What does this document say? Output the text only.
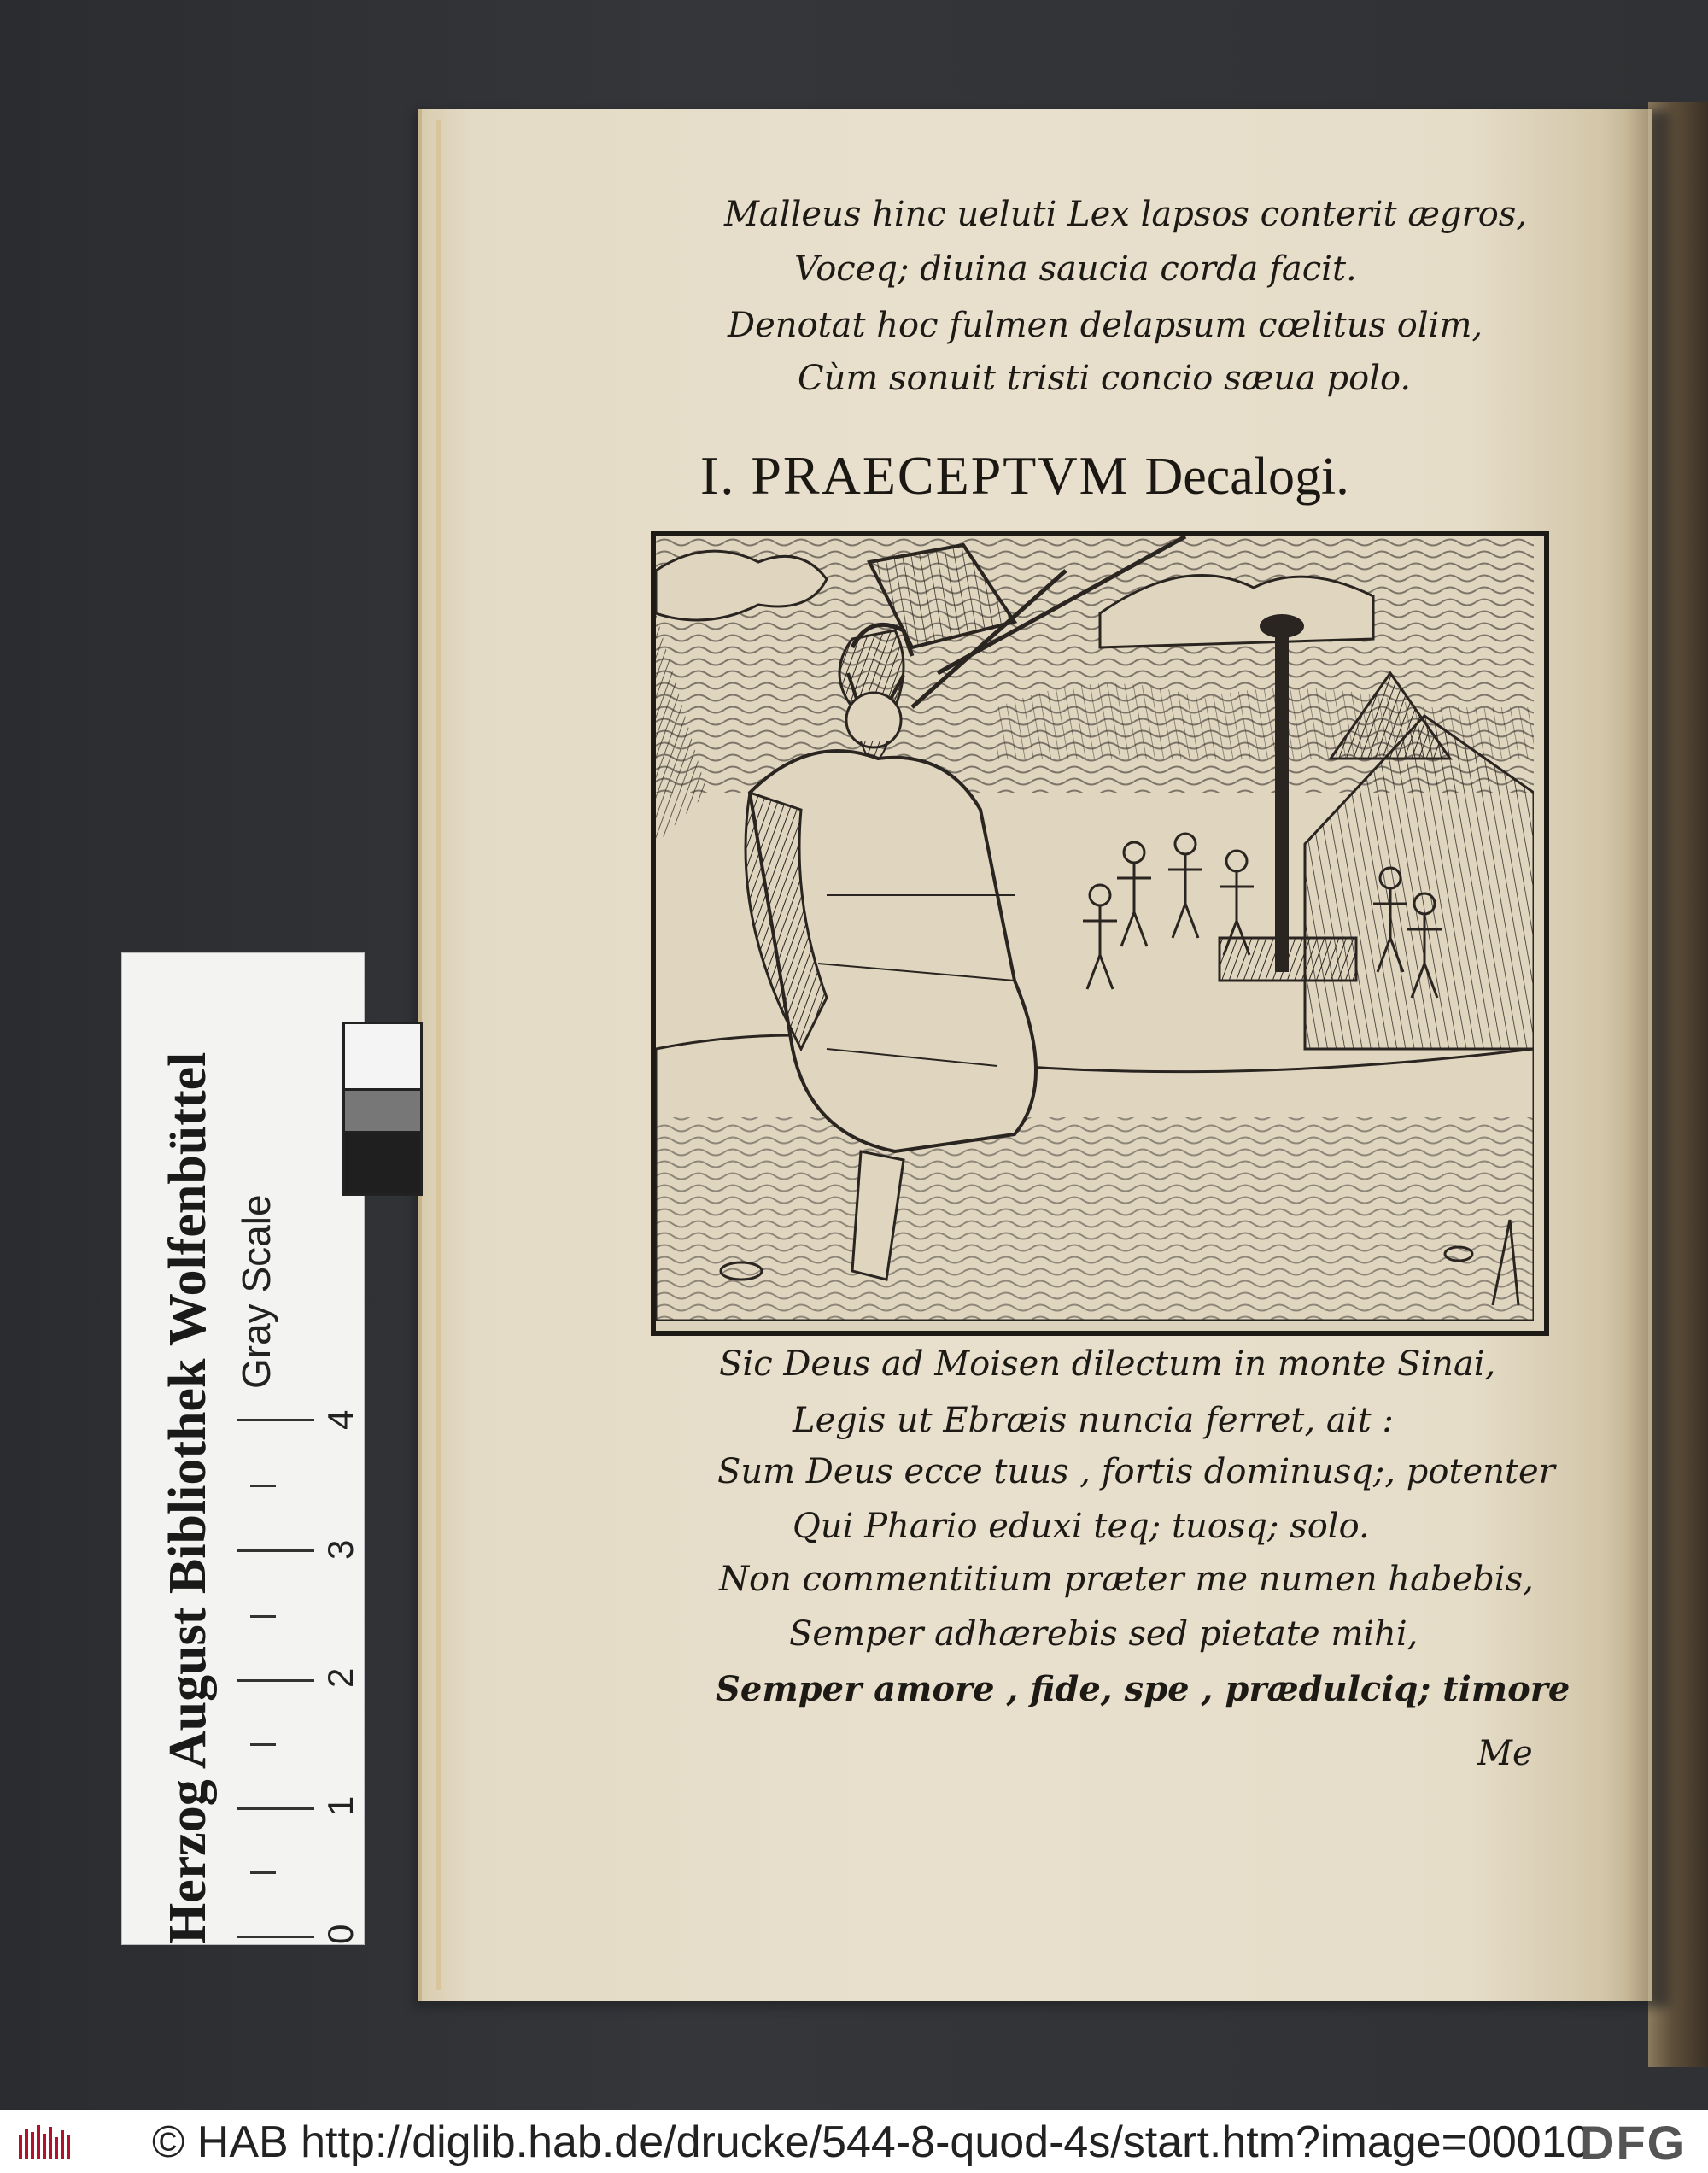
Malleus hinc ueluti Lex lapsos conterit ægros,
Voceq; diuina saucia corda facit.
Denotat hoc fulmen delapsum cœlitus olim,
Cùm sonuit tristi concio sæua polo.
I. PRAECEPTVM Decalogi.
Sic Deus ad Moisen dilectum in monte Sinai,
Legis ut Ebræis nuncia ferret, ait :
Sum Deus ecce tuus , fortis dominusq;, potenter
Qui Phario eduxi teq; tuosq; solo.
Non commentitium præter me numen habebis,
Semper adhærebis sed pietate mihi,
Semper amore , fide, spe , prædulciq; timore
Me
Herzog August Bibliothek Wolfenbüttel Gray Scale
0
1
2
3
4
© HAB http://diglib.hab.de/drucke/544-8-quod-4s/start.htm?image=00010
DFG
